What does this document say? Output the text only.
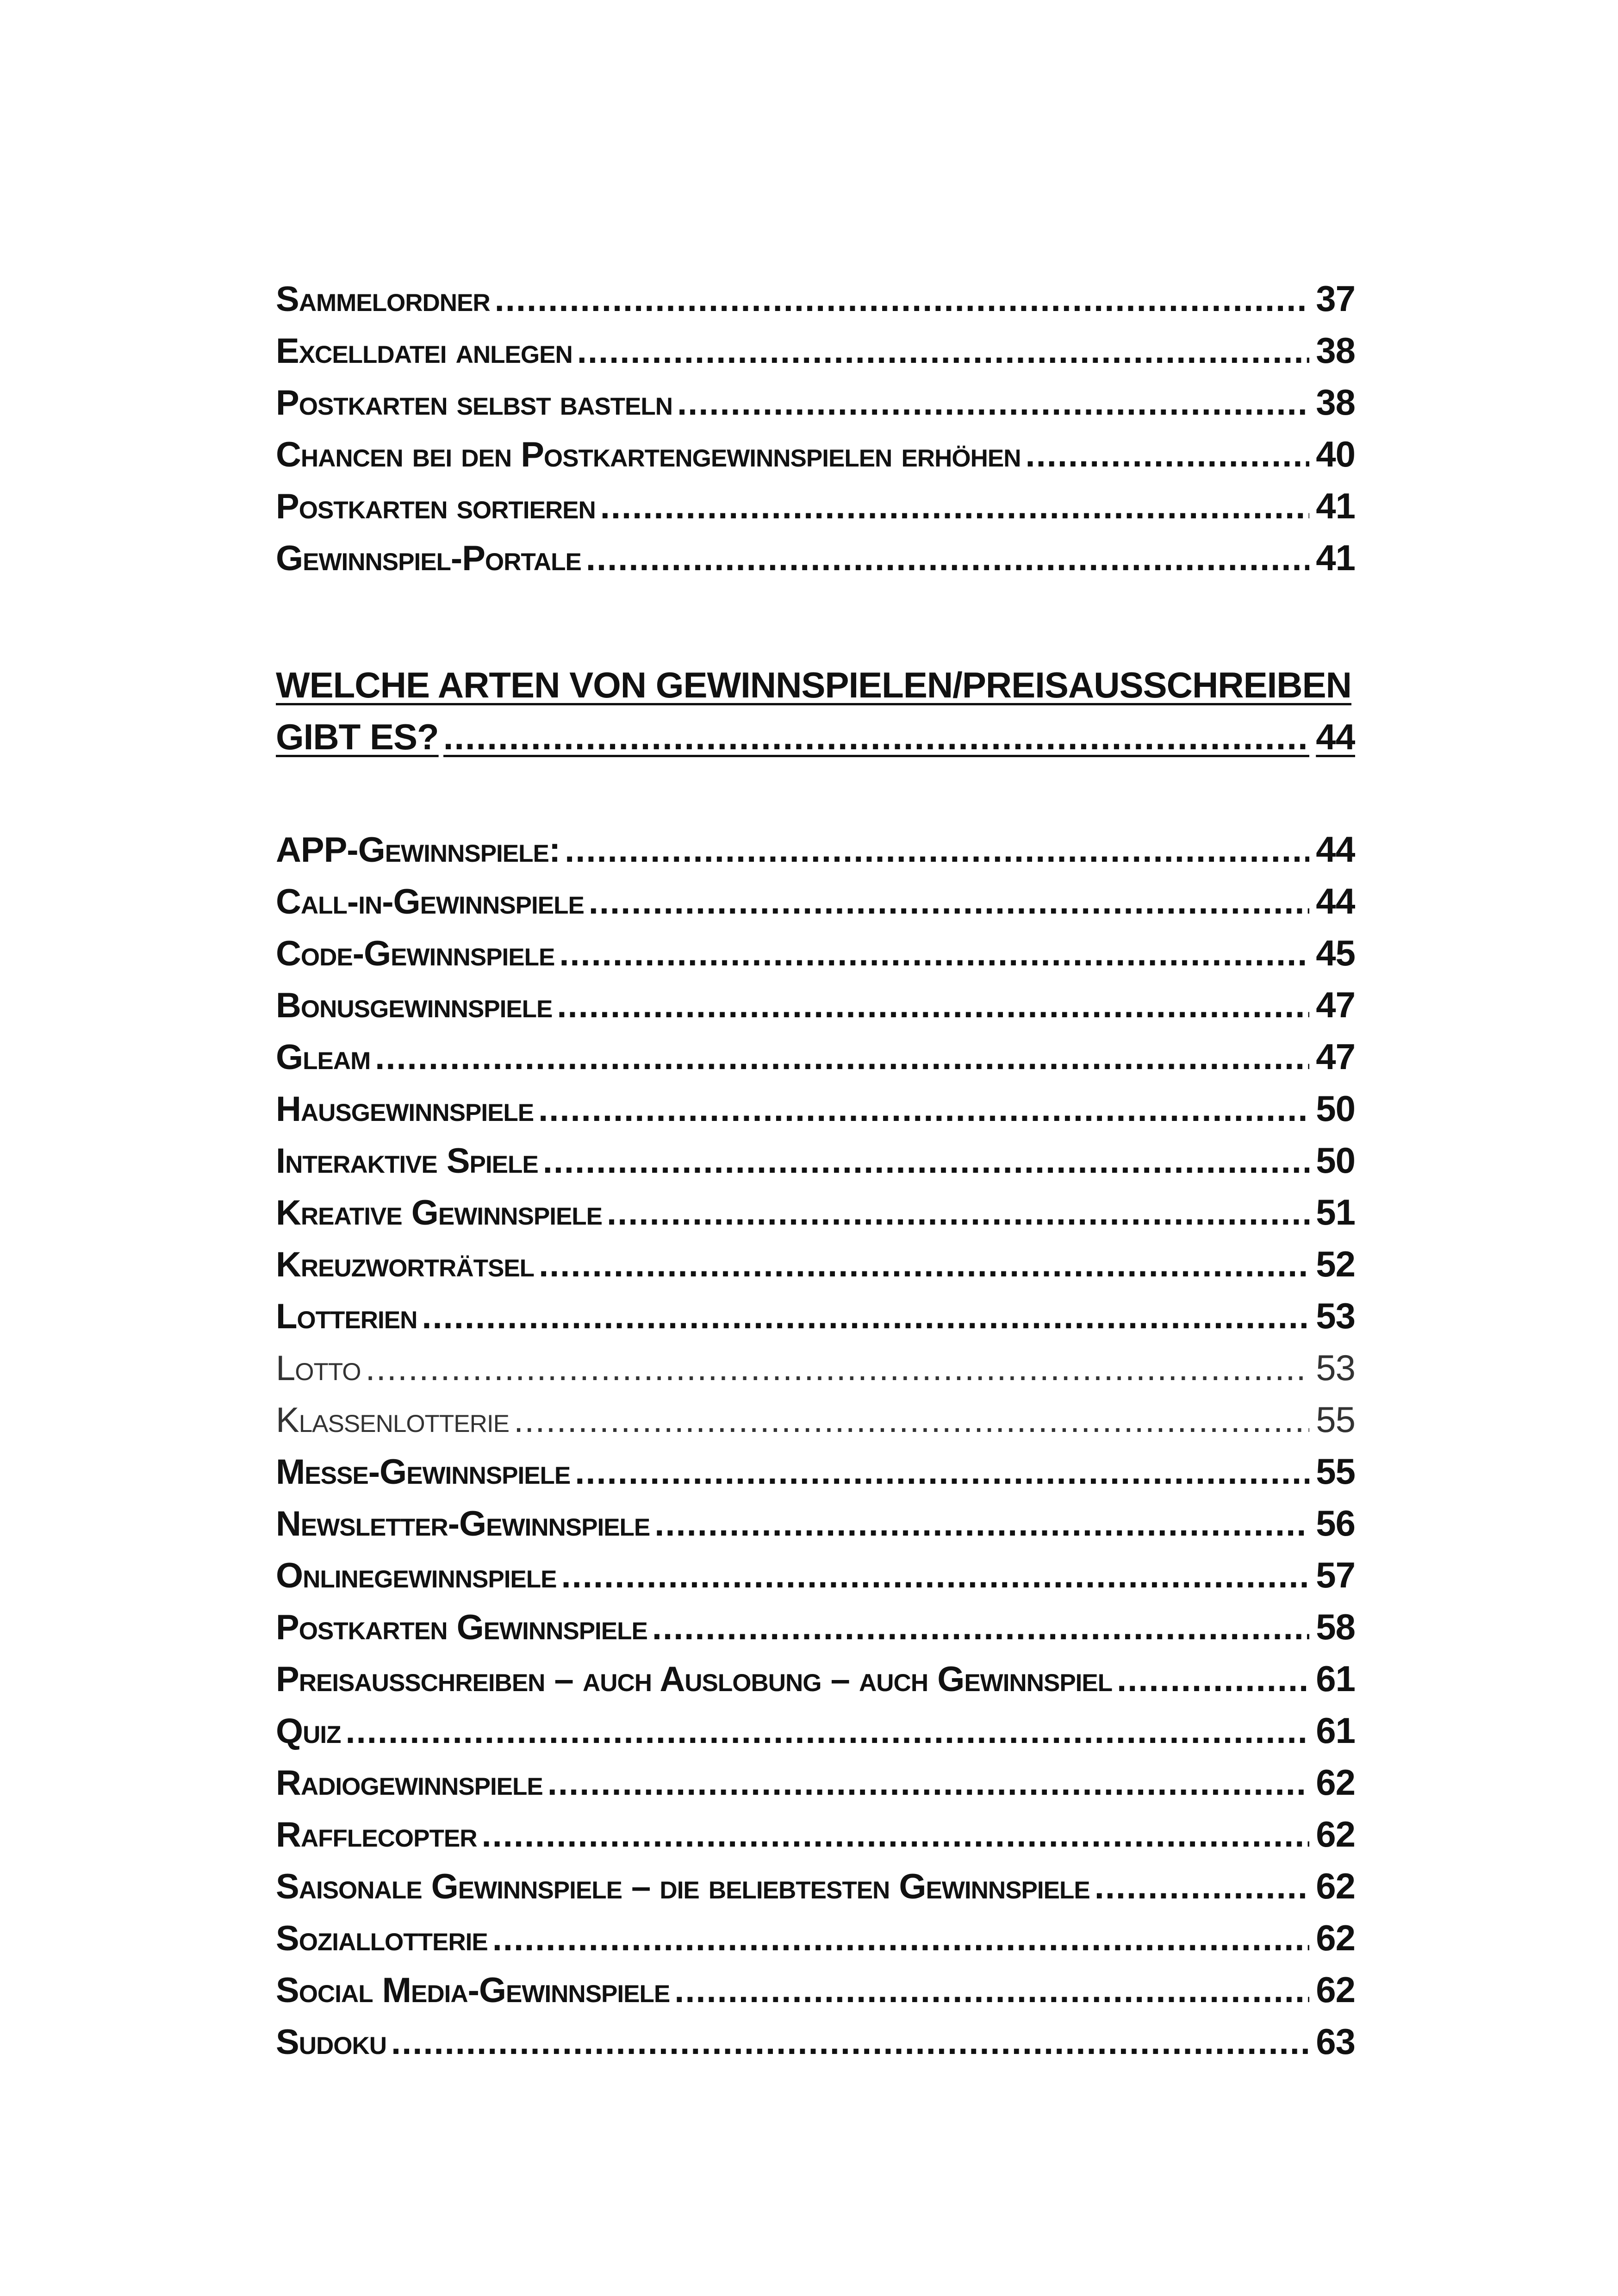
Sammelordner .....	37
Excelldatei anlegen .....	38
Postkarten selbst basteln .....	38
Chancen bei den Postkartengewinnspielen erhöhen .....	40
Postkarten sortieren .....	41
Gewinnspiel-Portale .....	41
WELCHE ARTEN VON GEWINNSPIELEN/PREISAUSSCHREIBEN
GIBT ES? .....	44
APP-Gewinnspiele: .....	44
Call-in-Gewinnspiele .....	44
Code-Gewinnspiele .....	45
Bonusgewinnspiele .....	47
Gleam .....	47
Hausgewinnspiele .....	50
Interaktive Spiele .....	50
Kreative Gewinnspiele .....	51
Kreuzworträtsel .....	52
Lotterien .....	53
Lotto .....	53
Klassenlotterie .....	55
Messe-Gewinnspiele .....	55
Newsletter-Gewinnspiele .....	56
Onlinegewinnspiele .....	57
Postkarten Gewinnspiele .....	58
Preisausschreiben – auch Auslobung – auch Gewinnspiel .....	61
Quiz .....	61
Radiogewinnspiele .....	62
Rafflecopter .....	62
Saisonale Gewinnspiele – die beliebtesten Gewinnspiele .....	62
Soziallotterie .....	62
Social Media-Gewinnspiele .....	62
Sudoku .....	63
